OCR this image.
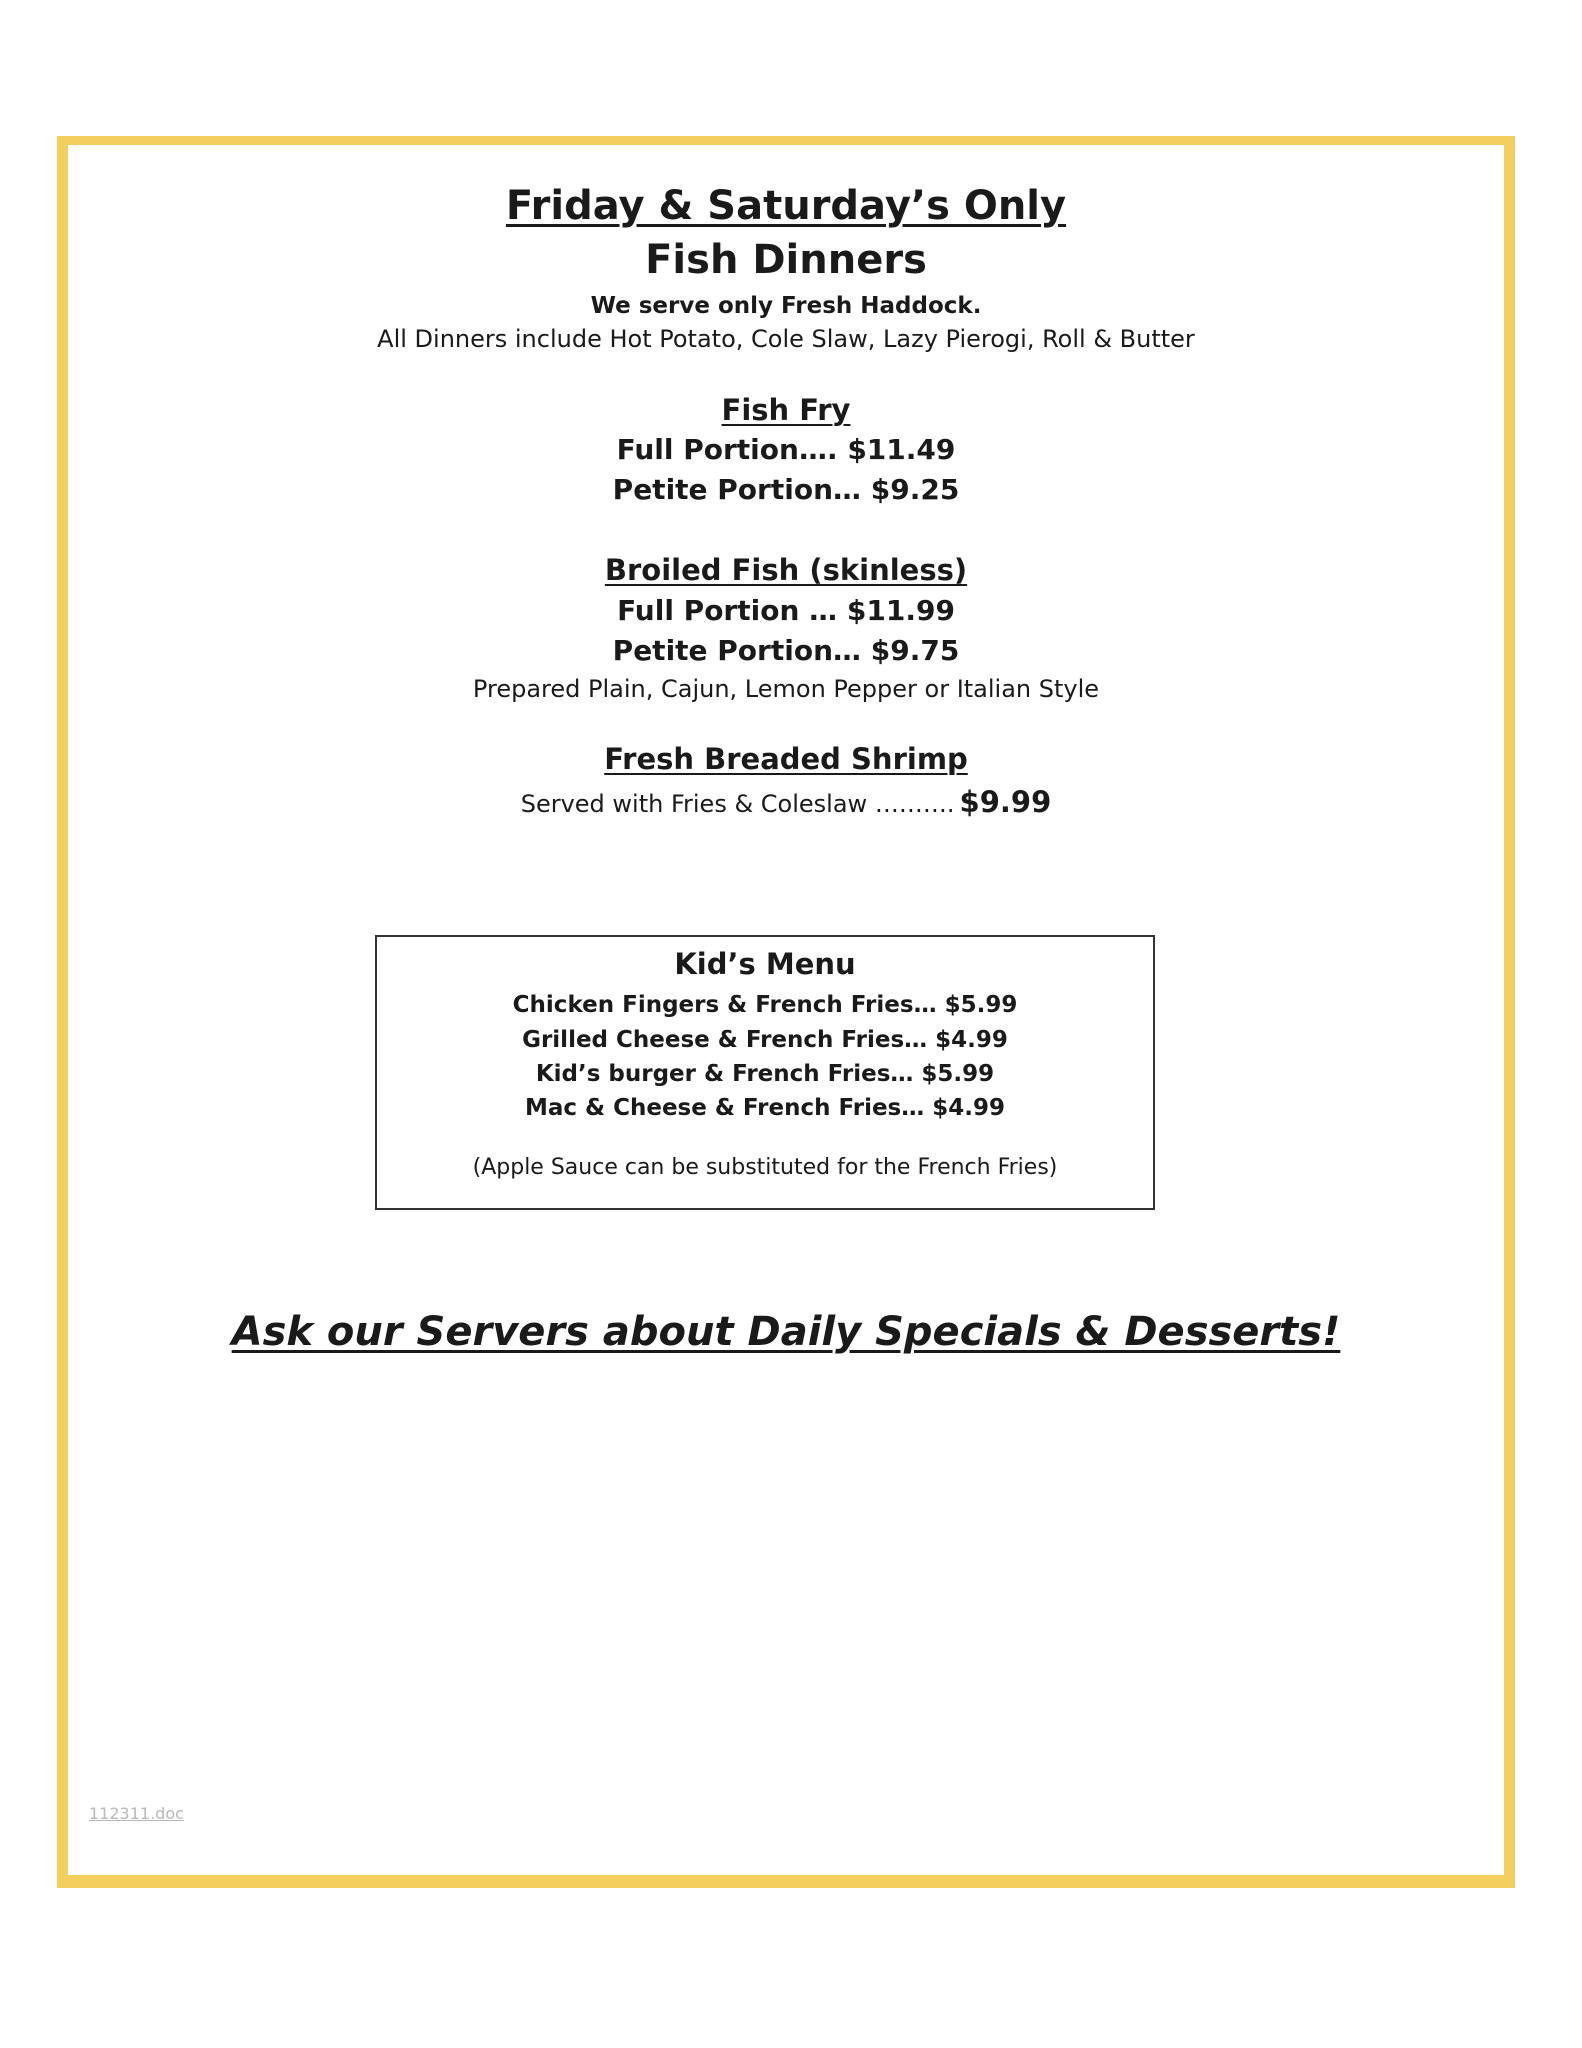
Friday & Saturday’s Only
Fish Dinners
We serve only Fresh Haddock.
All Dinners include Hot Potato, Cole Slaw, Lazy Pierogi, Roll & Butter
Fish Fry
Full Portion…. $11.49
Petite Portion… $9.25
Broiled Fish (skinless)
Full Portion … $11.99
Petite Portion… $9.75
Prepared Plain, Cajun, Lemon Pepper or Italian Style
Fresh Breaded Shrimp
Served with Fries & Coleslaw ………. $9.99
Kid’s Menu
Chicken Fingers & French Fries… $5.99
Grilled Cheese & French Fries… $4.99
Kid’s burger & French Fries… $5.99
Mac & Cheese & French Fries… $4.99
(Apple Sauce can be substituted for the French Fries)
Ask our Servers about Daily Specials & Desserts!
112311.doc
